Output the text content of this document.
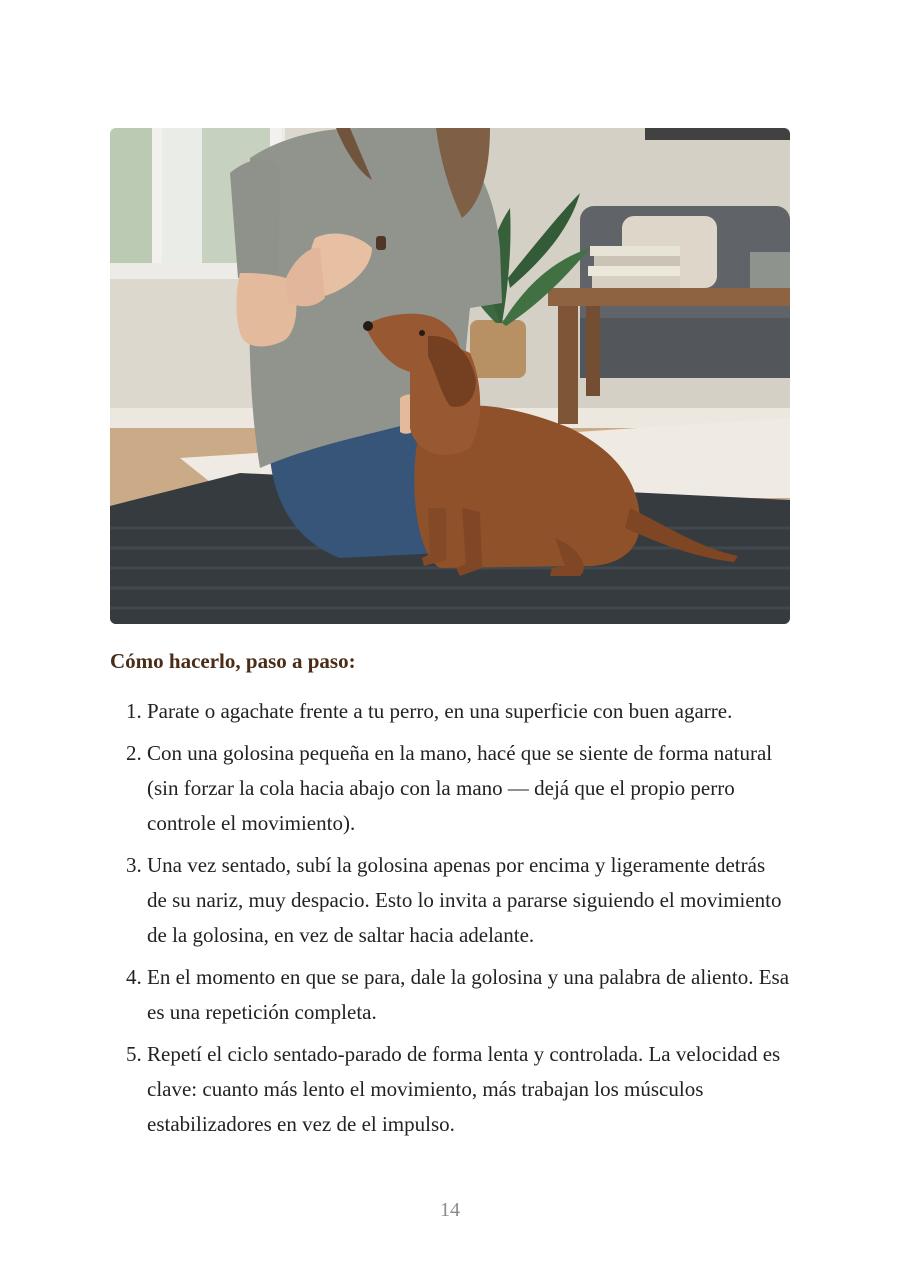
Cómo hacerlo, paso a paso:
1. Parate o agachate frente a tu perro, en una superficie con buen agarre.
2. Con una golosina pequeña en la mano, hacé que se siente de forma natural (sin forzar la cola hacia abajo con la mano — dejá que el propio perro controle el movimiento).
3. Una vez sentado, subí la golosina apenas por encima y ligeramente detrás de su nariz, muy despacio. Esto lo invita a pararse siguiendo el movimiento de la golosina, en vez de saltar hacia adelante.
4. En el momento en que se para, dale la golosina y una palabra de aliento. Esa es una repetición completa.
5. Repetí el ciclo sentado-parado de forma lenta y controlada. La velocidad es clave: cuanto más lento el movimiento, más trabajan los músculos estabilizadores en vez de el impulso.
14
